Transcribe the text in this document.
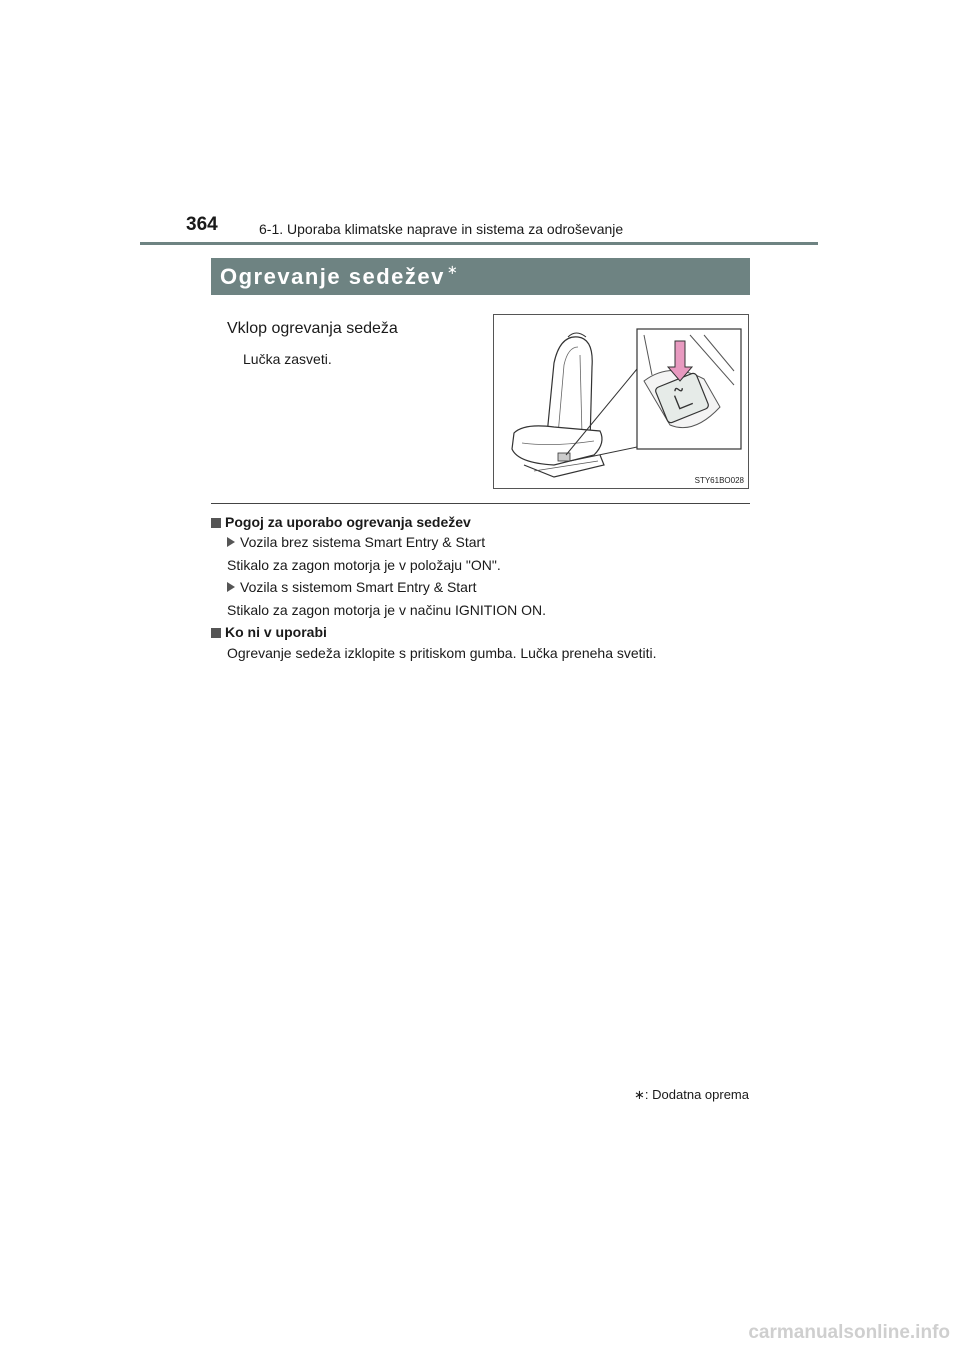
364	6-1. Uporaba klimatske naprave in sistema za odroševanje
Ogrevanje sedežev ∗
Vklop ogrevanja sedeža
Lučka zasveti.
STY61BO028
Pogoj za uporabo ogrevanja sedežev
Vozila brez sistema Smart Entry & Start
Stikalo za zagon motorja je v položaju "ON".
Vozila s sistemom Smart Entry & Start
Stikalo za zagon motorja je v načinu IGNITION ON.
Ko ni v uporabi
Ogrevanje sedeža izklopite s pritiskom gumba. Lučka preneha svetiti.
∗: Dodatna oprema
carmanualsonline.info
